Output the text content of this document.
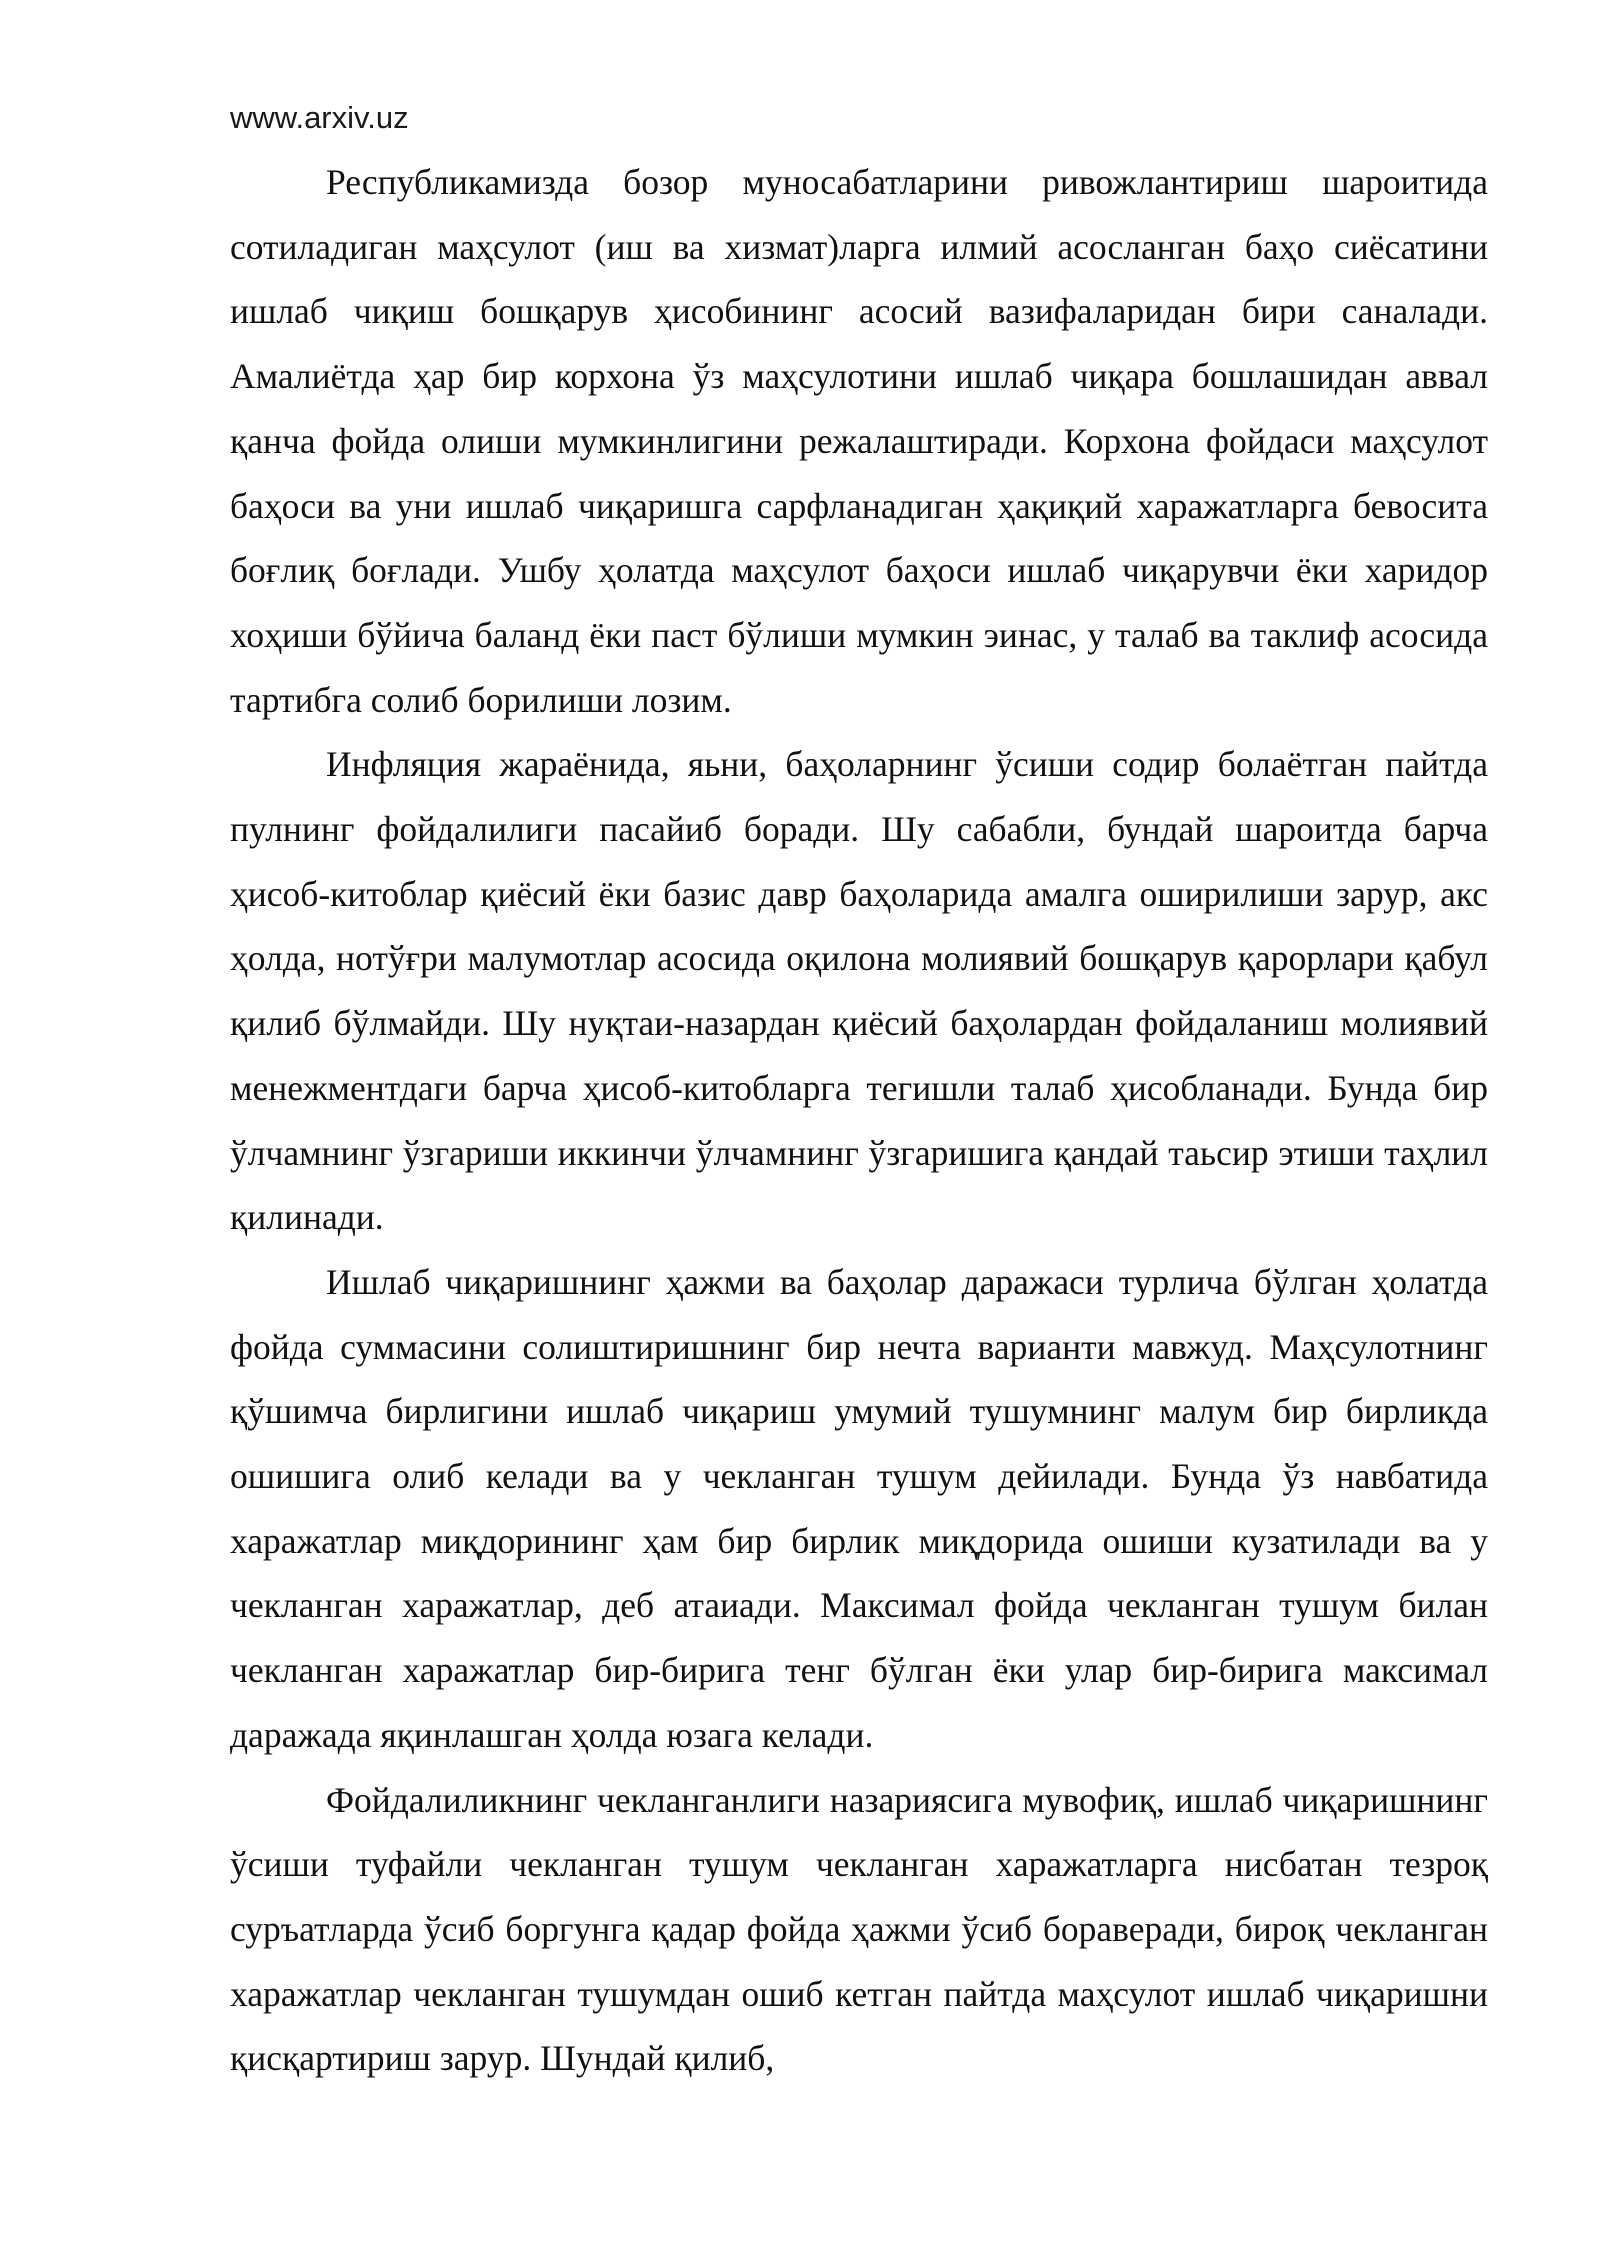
www.arxiv.uz

Республикамизда бозор муносабатларини ривожлантириш шароитида сотиладиган маҳсулот (иш ва хизмат)ларга илмий асосланган баҳо сиёсатини ишлаб чиқиш бошқарув ҳисобининг асосий вазифаларидан бири саналади. Амалиётда ҳар бир корхона ўз маҳсулотини ишлаб чиқара бошлашидан аввал қанча фойда олиши мумкинлигини режалаштиради. Корхона фойдаси маҳсулот баҳоси ва уни ишлаб чиқаришга сарфланадиган ҳақиқий харажатларга бевосита боғлиқ боғлади. Ушбу ҳолатда маҳсулот баҳоси ишлаб чиқарувчи ёки харидор хоҳиши бўйича баланд ёки паст бўлиши мумкин эинас, у талаб ва таклиф асосида тартибга солиб борилиши лозим.

Инфляция жараёнида, яьни, баҳоларнинг ўсиши содир болаётган пайтда пулнинг фойдалилиги пасайиб боради. Шу сабабли, бундай шароитда барча ҳисоб-китоблар қиёсий ёки базис давр баҳоларида амалга оширилиши зарур, акс ҳолда, нотўғри малумотлар асосида оқилона молиявий бошқарув қарорлари қабул қилиб бўлмайди. Шу нуқтаи-назардан қиёсий баҳолардан фойдаланиш молиявий менежментдаги барча ҳисоб-китобларга тегишли талаб ҳисобланади. Бунда бир ўлчамнинг ўзгариши иккинчи ўлчамнинг ўзгаришига қандай таьсир этиши таҳлил қилинади.

Ишлаб чиқаришнинг ҳажми ва баҳолар даражаси турлича бўлган ҳолатда фойда суммасини солиштиришнинг бир нечта варианти мавжуд. Маҳсулотнинг қўшимча бирлигини ишлаб чиқариш умумий тушумнинг малум бир бирликда ошишига олиб келади ва у чекланган тушум дейилади. Бунда ўз навбатида харажатлар миқдорининг ҳам бир бирлик миқдорида ошиши кузатилади ва у чекланган харажатлар, деб атаиади. Максимал фойда чекланган тушум билан чекланган харажатлар бир-бирига тенг бўлган ёки улар бир-бирига максимал даражада яқинлашган ҳолда юзага келади.

Фойдалиликнинг чекланганлиги назариясига мувофиқ, ишлаб чиқаришнинг ўсиши туфайли чекланган тушум чекланган харажатларга нисбатан тезроқ суръатларда ўсиб боргунга қадар фойда ҳажми ўсиб бораверади, бироқ чекланган харажатлар чекланган тушумдан ошиб кетган пайтда маҳсулот ишлаб чиқаришни қисқартириш зарур. Шундай қилиб,
